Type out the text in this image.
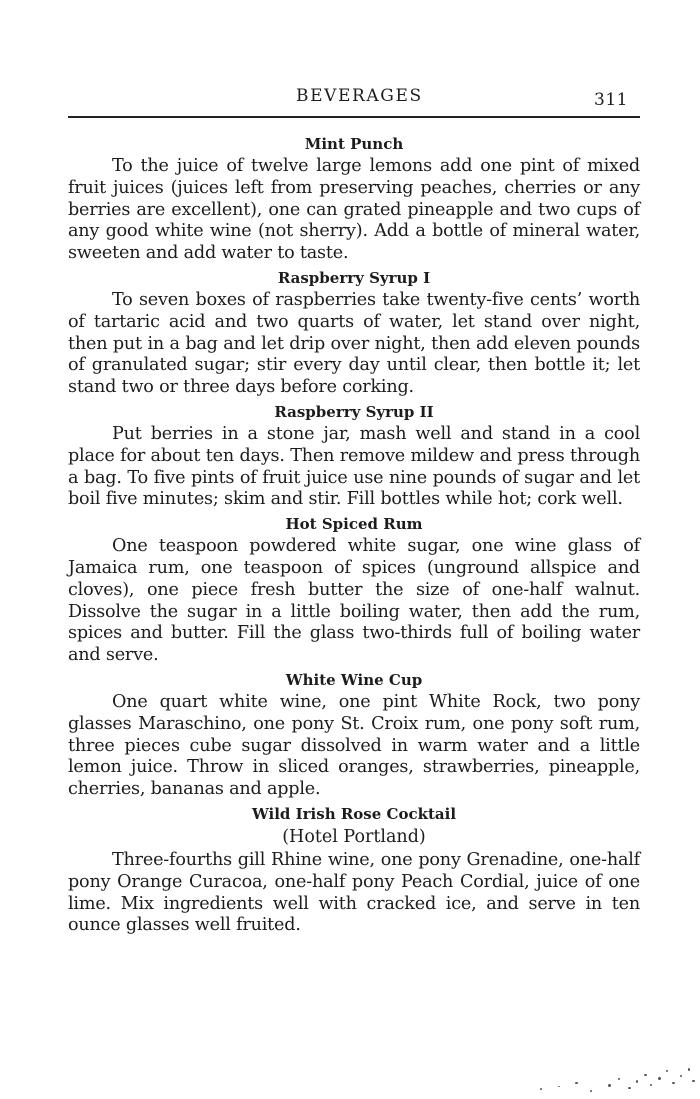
BEVERAGES	311
Mint Punch

To the juice of twelve large lemons add one pint of mixed fruit juices (juices left from preserving peaches, cherries or any berries are excellent), one can grated pineapple and two cups of any good white wine (not sherry). Add a bottle of mineral water, sweeten and add water to taste.

Raspberry Syrup I

To seven boxes of raspberries take twenty-five cents’ worth of tartaric acid and two quarts of water, let stand over night, then put in a bag and let drip over night, then add eleven pounds of granulated sugar; stir every day until clear, then bottle it; let stand two or three days before corking.

Raspberry Syrup II

Put berries in a stone jar, mash well and stand in a cool place for about ten days. Then remove mildew and press through a bag. To five pints of fruit juice use nine pounds of sugar and let boil five minutes; skim and stir. Fill bottles while hot; cork well.

Hot Spiced Rum

One teaspoon powdered white sugar, one wine glass of Jamaica rum, one teaspoon of spices (unground allspice and cloves), one piece fresh butter the size of one-half walnut. Dissolve the sugar in a little boiling water, then add the rum, spices and butter. Fill the glass two-thirds full of boiling water and serve.

White Wine Cup

One quart white wine, one pint White Rock, two pony glasses Maraschino, one pony St. Croix rum, one pony soft rum, three pieces cube sugar dissolved in warm water and a little lemon juice. Throw in sliced oranges, strawberries, pineapple, cherries, bananas and apple.

Wild Irish Rose Cocktail
(Hotel Portland)

Three-fourths gill Rhine wine, one pony Grenadine, one-half pony Orange Curacoa, one-half pony Peach Cordial, juice of one lime. Mix ingredients well with cracked ice, and serve in ten ounce glasses well fruited.
